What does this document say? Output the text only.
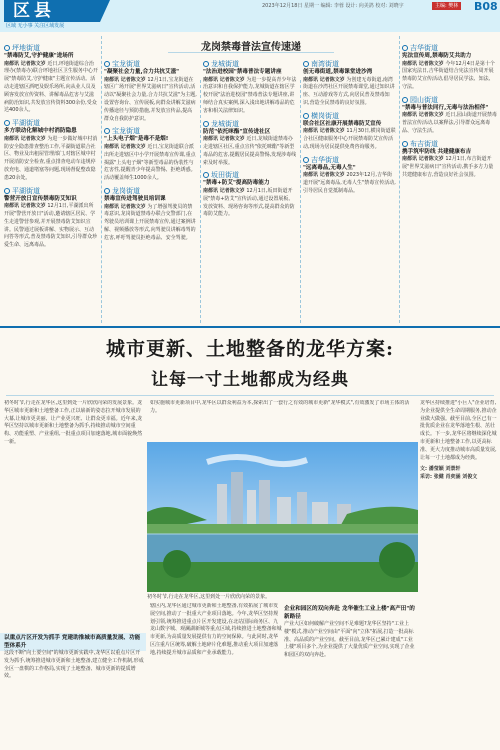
区县
区域 无小事 关注区域发展
2023年12月18日 星期一 编辑: 李蓉 设计: 向美鸽 校对: 刘晓宇	主编: 樊林 B08
龙岗禁毒普法宣传速递
坪地街道
"禁毒防艾,守护健康"进场所
南都讯 记者陈文岁 近日,坪地街道综合治理办(禁毒办)联合坪地社区卫生服务中心开展"禁毒防艾,守护健康"主题宣传活动。活动走进辖区酒吧及娱乐场所,向从业人员及顾客发放宣传资料、讲解毒品危害与艾滋病防治知识,共发放宣传资料300余份,受众达400余人。
平湖街道
多方联动化解城中村消防隐患
南都讯 记者陈文岁 为进一步做好城中村消防安全隐患排查整治工作,平湖街道联合社区、物业及出租屋管理部门,对辖区城中村开展消防安全检查,重点排查电动车违规停放充电、通道堵塞等问题,现场督促整改隐患20余处。
平湖街道
警营开放日宣传禁毒防艾知识
南都讯 记者陈文岁 12月1日,平湖派出所开展"警营开放日"活动,邀请辖区居民、学生走进警营参观,并开展禁毒防艾知识宣讲。民警通过展板讲解、实物展示、互动问答等形式,普及禁毒防艾知识,引导群众珍爱生命、远离毒品。
宝龙街道
"凝聚社会力量,合力共抗艾滋"
南都讯 记者陈文岁 12月1日,宝龙街道在辖区广场开展"世界艾滋病日"宣传活动,活动以"凝聚社会力量,合力共抗艾滋"为主题,设置咨询台、宣传展板,向群众讲解艾滋病传播途径与预防措施,并发放宣传品,提高群众自我防护意识。
宝龙街道
"上头电子烟"是毒不是烟!
南都讯 记者陈文岁 近日,宝龙街道联合派出所走进辖区中小学开展禁毒宣传课,重点揭露"上头电子烟"等新型毒品的伪装性与危害性,提醒青少年提高警惕、拒绝诱惑。活动覆盖师生1000余人。
龙岗街道
禁毒宣传进驾驶员培训课
南都讯 记者陈文岁 为了增强驾驶员的禁毒意识,龙岗街道禁毒办联合交警部门,在驾驶员培训课上开展禁毒宣传,通过案例讲解、视频播放等形式,向驾驶员讲解毒驾的危害,呼吁驾驶员拒绝毒品、安全驾驶。
龙城街道
"法治进校园"禁毒普法专题讲座
南都讯 记者陈文岁 为进一步提高青少年法治意识和自我保护能力,龙城街道在辖区学校开展"法治进校园"禁毒普法专题讲座,讲师结合真实案例,深入浅出地讲解毒品的危害和相关法律知识。
龙城街道
防范"依托咪酯"宣传进社区
南都讯 记者陈文岁 近日,龙城街道禁毒办走进辖区社区,重点宣传"依托咪酯"等新型毒品的危害,提醒居民提高警惕,发现涉毒线索及时举报。
坂田街道
"禁毒+防艾"提高防毒能力
南都讯 记者陈文岁 12月1日,坂田街道开展"禁毒+防艾"宣传活动,通过设置展板、发放资料、现场咨询等形式,提高群众的防毒防艾能力。
南湾街道
创无毒街道,禁毒课堂进沙湾
南都讯 记者陈文岁 为创建无毒街道,南湾街道在沙湾社区开展禁毒课堂,通过知识讲座、互动游戏等方式,向居民普及禁毒知识,营造全民禁毒的良好氛围。
横岗街道
联合社区社康开展禁毒防艾宣传
南都讯 记者陈文岁 11月30日,横岗街道联合社区健康服务中心开展禁毒防艾宣传活动,现场为居民提供免费咨询服务。
吉华街道
"远离毒品,无毒人生"
南都讯 记者陈文岁 2023年12月,吉华街道开展"远离毒品,无毒人生"禁毒宣传活动,引导居民自觉抵制毒品。
吉华街道
宪法宣传周,禁毒防艾共助力
南都讯 记者陈文岁 今年12月4日是第十个国家宪法日,吉华街道结合宪法宣传周开展禁毒防艾宣传活动,倡导居民学法、知法、守法。
园山街道
"禁毒与普法同行,无毒与法治相伴"
南都讯 记者陈文岁 近日,园山街道开展禁毒普法宣传活动,以案释法,引导群众远离毒品、守法生活。
布吉街道
携手筑牢防线 共建健康布吉
南都讯 记者陈文岁 12月1日,布吉街道开展"世界艾滋病日"宣传活动,携手多方力量共建健康布吉,营造良好社会氛围。
城市更新、土地整备的龙华方案:
让每一寸土地都成为经典
初冬时节,行走在龙华区,这里到处一片欣欣向荣的发展景象。龙华区城市更新和土地整备工作,正以崭新的姿态拉开城市发展的大幕,让城市更美丽、让产业更兴旺、让群众更幸福。近年来,龙华区坚持以城市更新和土地整备为抓手,持续推动城市空间重构、功能重塑、产业重组,一批重点项目加速落地,城市面貌焕然一新。
以重点片区开发为抓手 党建助推城市高质量发展、功能型体系升
这段不断"向土要空间"的城市更新实践中,龙华区以重点片区开发为抓手,统筹推进城市更新和土地整备,建立健全工作机制,形成全区一盘棋的工作格局,实现了土地整备、城市更新的提质增效。
如实施城市更新项目中,龙华区以群众利益为本,探索出了一套行之有效的城市更新"龙华模式",有效激发了市场主体的活力。
初冬时节,行走在龙华区,这里到处一片欣欣向荣的景象。
辖区内,龙华区通过城市更新和土地整备,有效拓展了城市发展空间,推动了一批重大产业项目落地。今年,龙华区坚持规划引领,统筹推进重点片区开发建设,在北站国际商务区、九龙山数字城、观澜湖新城等重点区域,持续推进土地整备和城市更新,为高质量发展提供有力的空间保障。与此同时,龙华区注重片区统筹,破解土地碎片化难题,推动重大项目加速落地,持续提升城市品质和产业承载能力。
企业和园区的双向奔赴 龙华催生工业上楼"高产田"的新路径
产业大区如何破解产业空间不足难题?龙华区坚持"工业上楼"模式,推动产业空间由"平面"向"立体"拓展,打造一批高标准、高品质的产业空间。截至目前,龙华区已累计建成"工业上楼"项目多个,为企业提供了大量优质产业空间,实现了企业和园区的双向奔赴。
龙华区持续推进"小巨人"企业培育,为企业提供全生命周期服务,推动企业做大做强。截至目前,全区已有一批优质企业在龙华落地生根、茁壮成长。下一步,龙华区将继续深化城市更新和土地整备工作,以更高标准、更大力度推动城市高质量发展,让每一寸土地都成为经典。
文: 潘莹颖 刘景轩
采访: 张健 肖奕涵 刘俊文
